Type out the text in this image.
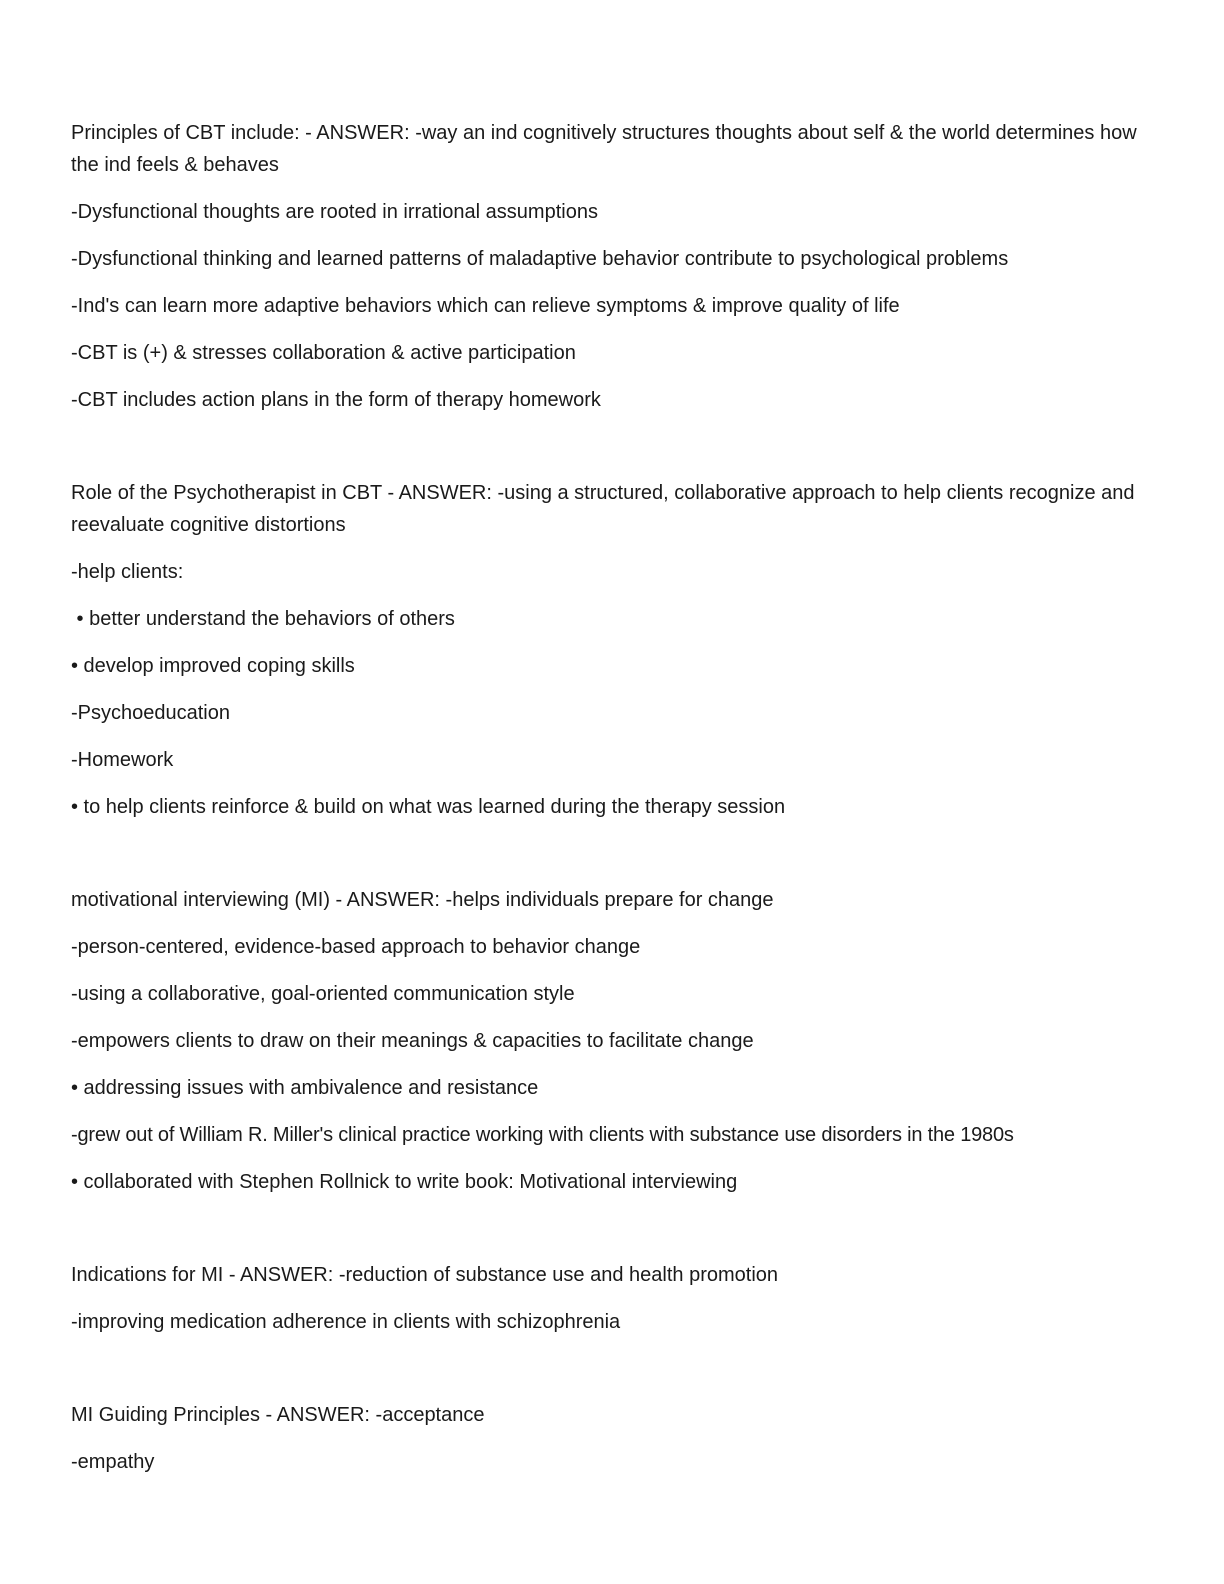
Principles of CBT include: - ANSWER: -way an ind cognitively structures thoughts about self & the world determines how the ind feels & behaves

-Dysfunctional thoughts are rooted in irrational assumptions

-Dysfunctional thinking and learned patterns of maladaptive behavior contribute to psychological problems

-Ind's can learn more adaptive behaviors which can relieve symptoms & improve quality of life

-CBT is (+) & stresses collaboration & active participation

-CBT includes action plans in the form of therapy homework

Role of the Psychotherapist in CBT - ANSWER: -using a structured, collaborative approach to help clients recognize and reevaluate cognitive distortions

-help clients:

• better understand the behaviors of others

• develop improved coping skills

-Psychoeducation

-Homework

• to help clients reinforce & build on what was learned during the therapy session

motivational interviewing (MI) - ANSWER: -helps individuals prepare for change

-person-centered, evidence-based approach to behavior change

-using a collaborative, goal-oriented communication style

-empowers clients to draw on their meanings & capacities to facilitate change

• addressing issues with ambivalence and resistance

-grew out of William R. Miller's clinical practice working with clients with substance use disorders in the 1980s

• collaborated with Stephen Rollnick to write book: Motivational interviewing

Indications for MI - ANSWER: -reduction of substance use and health promotion

-improving medication adherence in clients with schizophrenia

MI Guiding Principles - ANSWER: -acceptance

-empathy
